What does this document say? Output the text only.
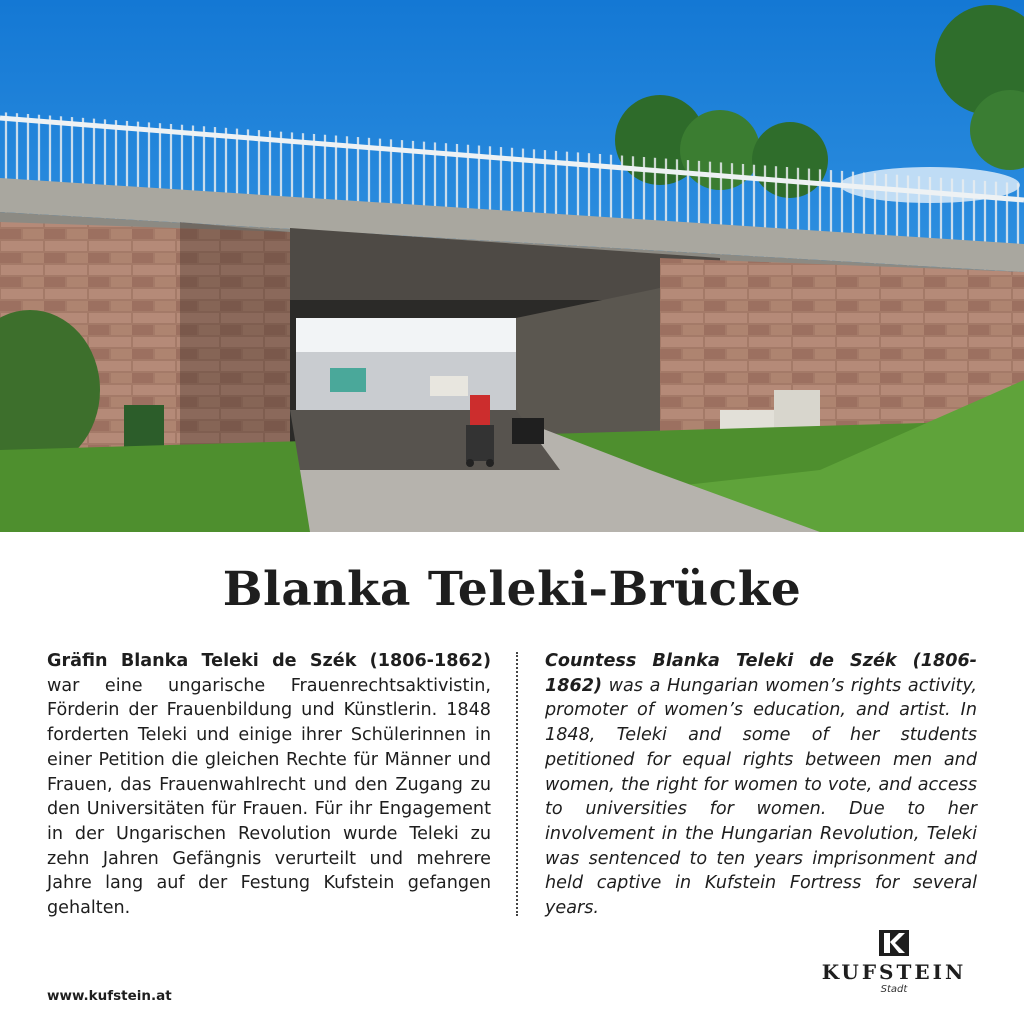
Blanka Teleki-Brücke
Gräfin Blanka Teleki de Szék (1806-1862) war eine ungarische Frauenrechtsaktivistin, Förderin der Frauenbildung und Künstlerin. 1848 forderten Teleki und einige ihrer Schülerinnen in einer Petition die gleichen Rechte für Männer und Frauen, das Frauenwahlrecht und den Zugang zu den Universitäten für Frauen. Für ihr Engagement in der Ungarischen Revolution wurde Teleki zu zehn Jahren Gefängnis verurteilt und mehrere Jahre lang auf der Festung Kufstein gefangen gehalten.
Countess Blanka Teleki de Szék (1806-1862) was a Hungarian women’s rights activity, promoter of women’s education, and artist. In 1848, Teleki and some of her students petitioned for equal rights between men and women, the right for women to vote, and access to universities for women. Due to her involvement in the Hungarian Revolution, Teleki was sentenced to ten years imprisonment and held captive in Kufstein Fortress for several years.
www.kufstein.at
KUFSTEIN
Stadt
